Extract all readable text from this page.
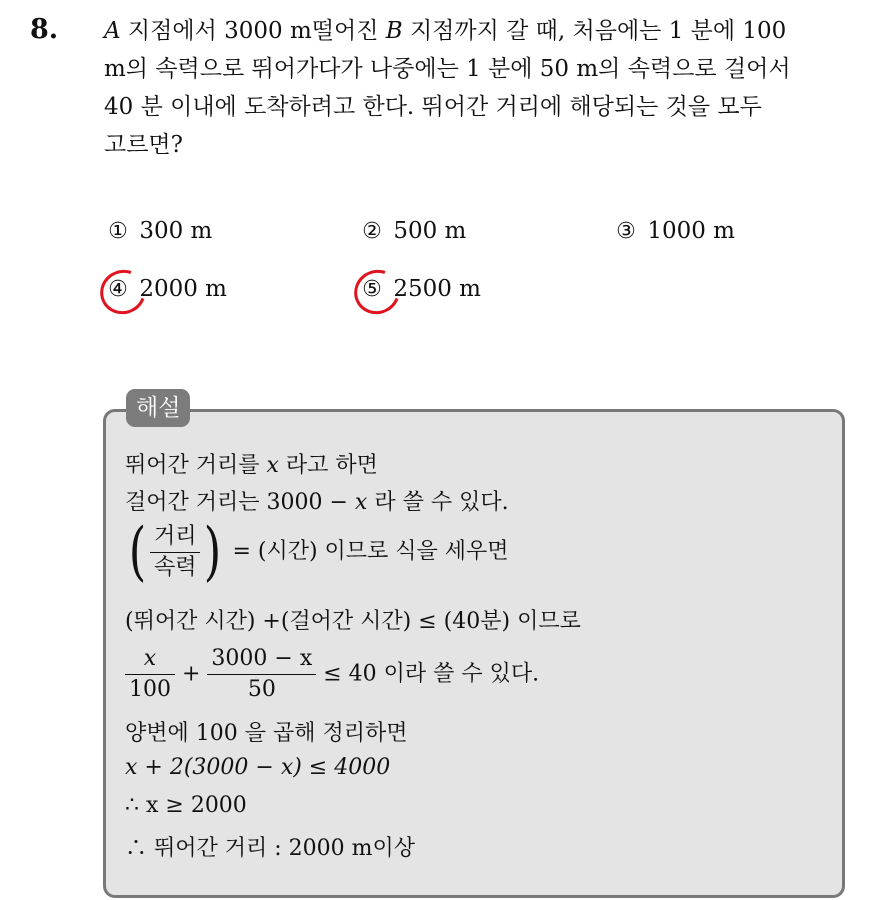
8. A 지점에서 3000 m떨어진 B 지점까지 갈 때, 처음에는 1 분에 100
m의 속력으로 뛰어가다가 나중에는 1 분에 50 m의 속력으로 걸어서
40 분 이내에 도착하려고 한다. 뛰어간 거리에 해당되는 것을 모두
고르면?
① 300 m	② 500 m	③ 1000 m
④ 2000 m	⑤ 2500 m
해설
뛰어간 거리를 x 라고 하면
걸어간 거리는 3000 − x 라 쓸 수 있다.
( $\frac{\text{거리}}{\text{속력}}$ ) = (시간) 이므로 식을 세우면
(뛰어간 시간) +(걸어간 시간) ≤ (40분) 이므로
$\frac{x}{100} + \frac{3000 - x}{50} \le 40$ 이라 쓸 수 있다.
양변에 100 을 곱해 정리하면
x + 2(3000 − x) ≤ 4000
∴ x ≥ 2000
∴ 뛰어간 거리 : 2000 m이상
